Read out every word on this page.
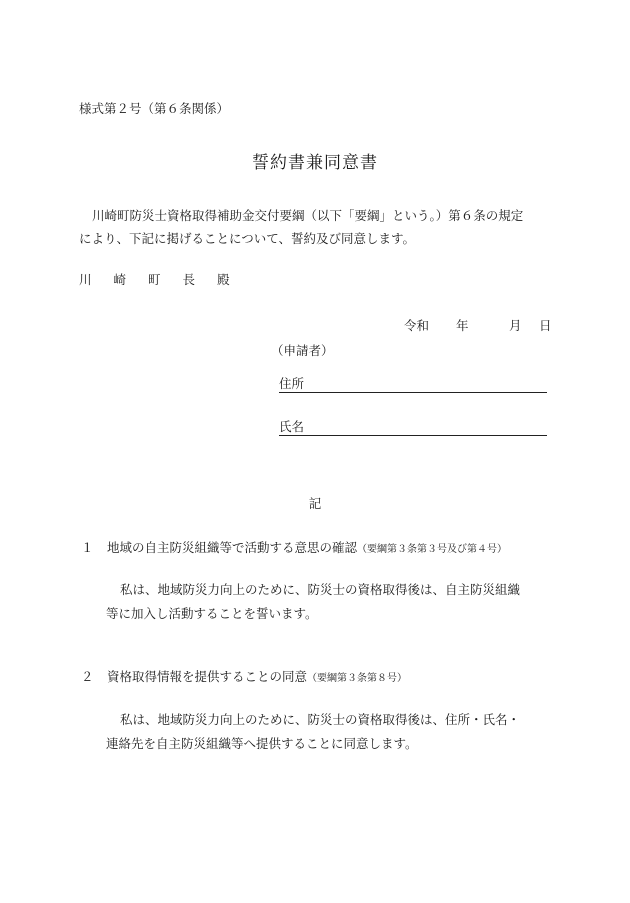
様式第２号（第６条関係）
誓約書兼同意書
川崎町防災士資格取得補助金交付要綱（以下「要綱」という。）第６条の規定
により、下記に掲げることについて、誓約及び同意します。
川 崎 町 長 殿
令和 年	月 日
（申請者）
住所
氏名
記
１ 地域の自主防災組織等で活動する意思の確認（要綱第３条第３号及び第４号）
私は、地域防災力向上のために、防災士の資格取得後は、自主防災組織
等に加入し活動することを誓います。
２ 資格取得情報を提供することの同意（要綱第３条第８号）
私は、地域防災力向上のために、防災士の資格取得後は、住所・氏名・
連絡先を自主防災組織等へ提供することに同意します。
